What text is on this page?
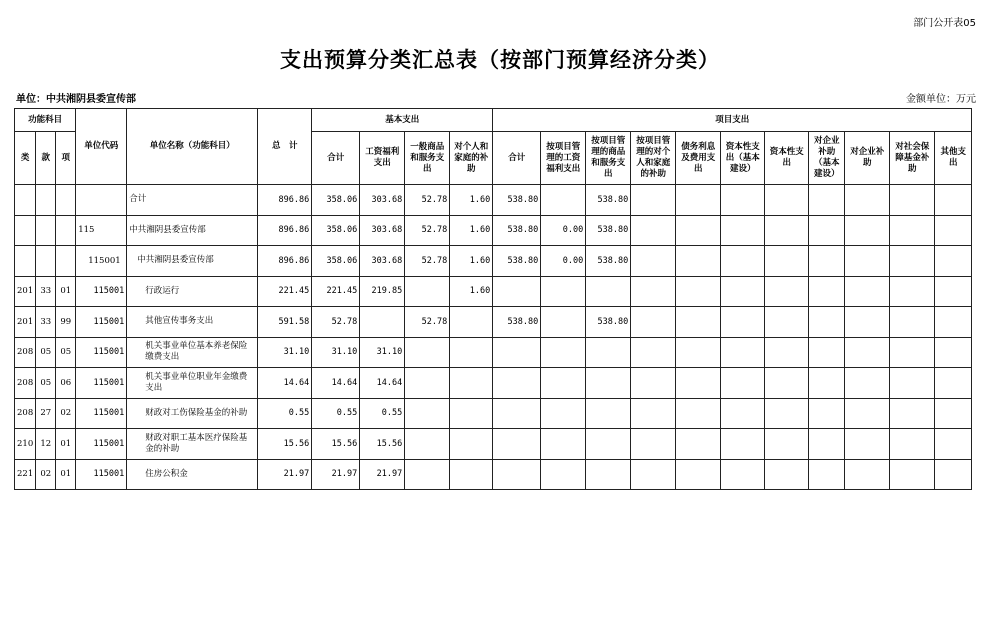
部门公开表05
支出预算分类汇总表（按部门预算经济分类）
单位：中共湘阴县委宣传部	金额单位：万元
功能科目			单位代码	单位名称（功能科目）	总　计	基本支出				项目支出										
类	款	项				合计	工资福利支出	一般商品和服务支出	对个人和家庭的补助	合计	按项目管理的工资福利支出	按项目管理的商品和服务支出	按项目管理的对个人和家庭的补助	债务利息及费用支出	资本性支出（基本建设）	资本性支出	对企业补助（基本建设）	对企业补助	对社会保障基金补助	其他支出
				合计	896.86	358.06	303.68	52.78	1.60	538.80		538.80								
			115	中共湘阴县委宣传部	896.86	358.06	303.68	52.78	1.60	538.80	0.00	538.80								
			115001	中共湘阴县委宣传部	896.86	358.06	303.68	52.78	1.60	538.80	0.00	538.80								
201	33	01	115001	行政运行	221.45	221.45	219.85		1.60											
201	33	99	115001	其他宣传事务支出	591.58	52.78		52.78		538.80		538.80								
208	05	05	115001	机关事业单位基本养老保险缴费支出	31.10	31.10	31.10													
208	05	06	115001	机关事业单位职业年金缴费支出	14.64	14.64	14.64													
208	27	02	115001	财政对工伤保险基金的补助	0.55	0.55	0.55													
210	12	01	115001	财政对职工基本医疗保险基金的补助	15.56	15.56	15.56													
221	02	01	115001	住房公积金	21.97	21.97	21.97													
